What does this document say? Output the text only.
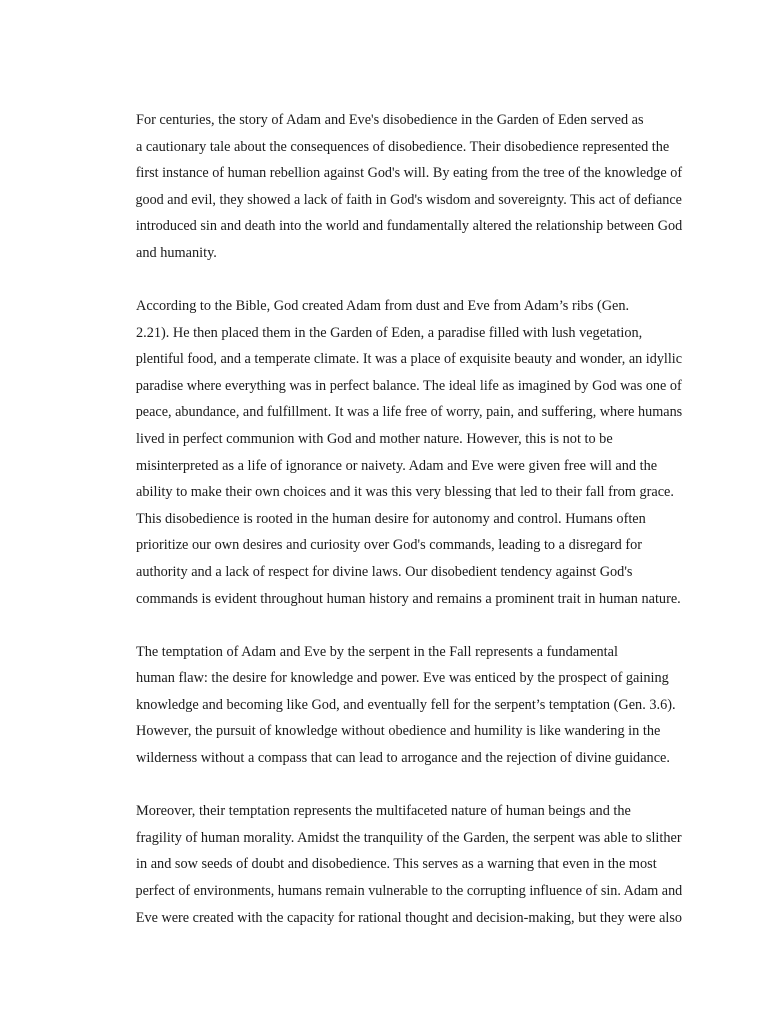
For centuries, the story of Adam and Eve's disobedience in the Garden of Eden served as
a cautionary tale about the consequences of disobedience. Their disobedience represented the
first instance of human rebellion against God's will. By eating from the tree of the knowledge of
good and evil, they showed a lack of faith in God's wisdom and sovereignty. This act of defiance
introduced sin and death into the world and fundamentally altered the relationship between God
and humanity.

According to the Bible, God created Adam from dust and Eve from Adam’s ribs (Gen.
2.21). He then placed them in the Garden of Eden, a paradise filled with lush vegetation,
plentiful food, and a temperate climate. It was a place of exquisite beauty and wonder, an idyllic
paradise where everything was in perfect balance. The ideal life as imagined by God was one of
peace, abundance, and fulfillment. It was a life free of worry, pain, and suffering, where humans
lived in perfect communion with God and mother nature. However, this is not to be
misinterpreted as a life of ignorance or naivety. Adam and Eve were given free will and the
ability to make their own choices and it was this very blessing that led to their fall from grace.
This disobedience is rooted in the human desire for autonomy and control. Humans often
prioritize our own desires and curiosity over God's commands, leading to a disregard for
authority and a lack of respect for divine laws. Our disobedient tendency against God's
commands is evident throughout human history and remains a prominent trait in human nature.

The temptation of Adam and Eve by the serpent in the Fall represents a fundamental
human flaw: the desire for knowledge and power. Eve was enticed by the prospect of gaining
knowledge and becoming like God, and eventually fell for the serpent’s temptation (Gen. 3.6).
However, the pursuit of knowledge without obedience and humility is like wandering in the
wilderness without a compass that can lead to arrogance and the rejection of divine guidance.

Moreover, their temptation represents the multifaceted nature of human beings and the
fragility of human morality. Amidst the tranquility of the Garden, the serpent was able to slither
in and sow seeds of doubt and disobedience. This serves as a warning that even in the most
perfect of environments, humans remain vulnerable to the corrupting influence of sin. Adam and
Eve were created with the capacity for rational thought and decision-making, but they were also
